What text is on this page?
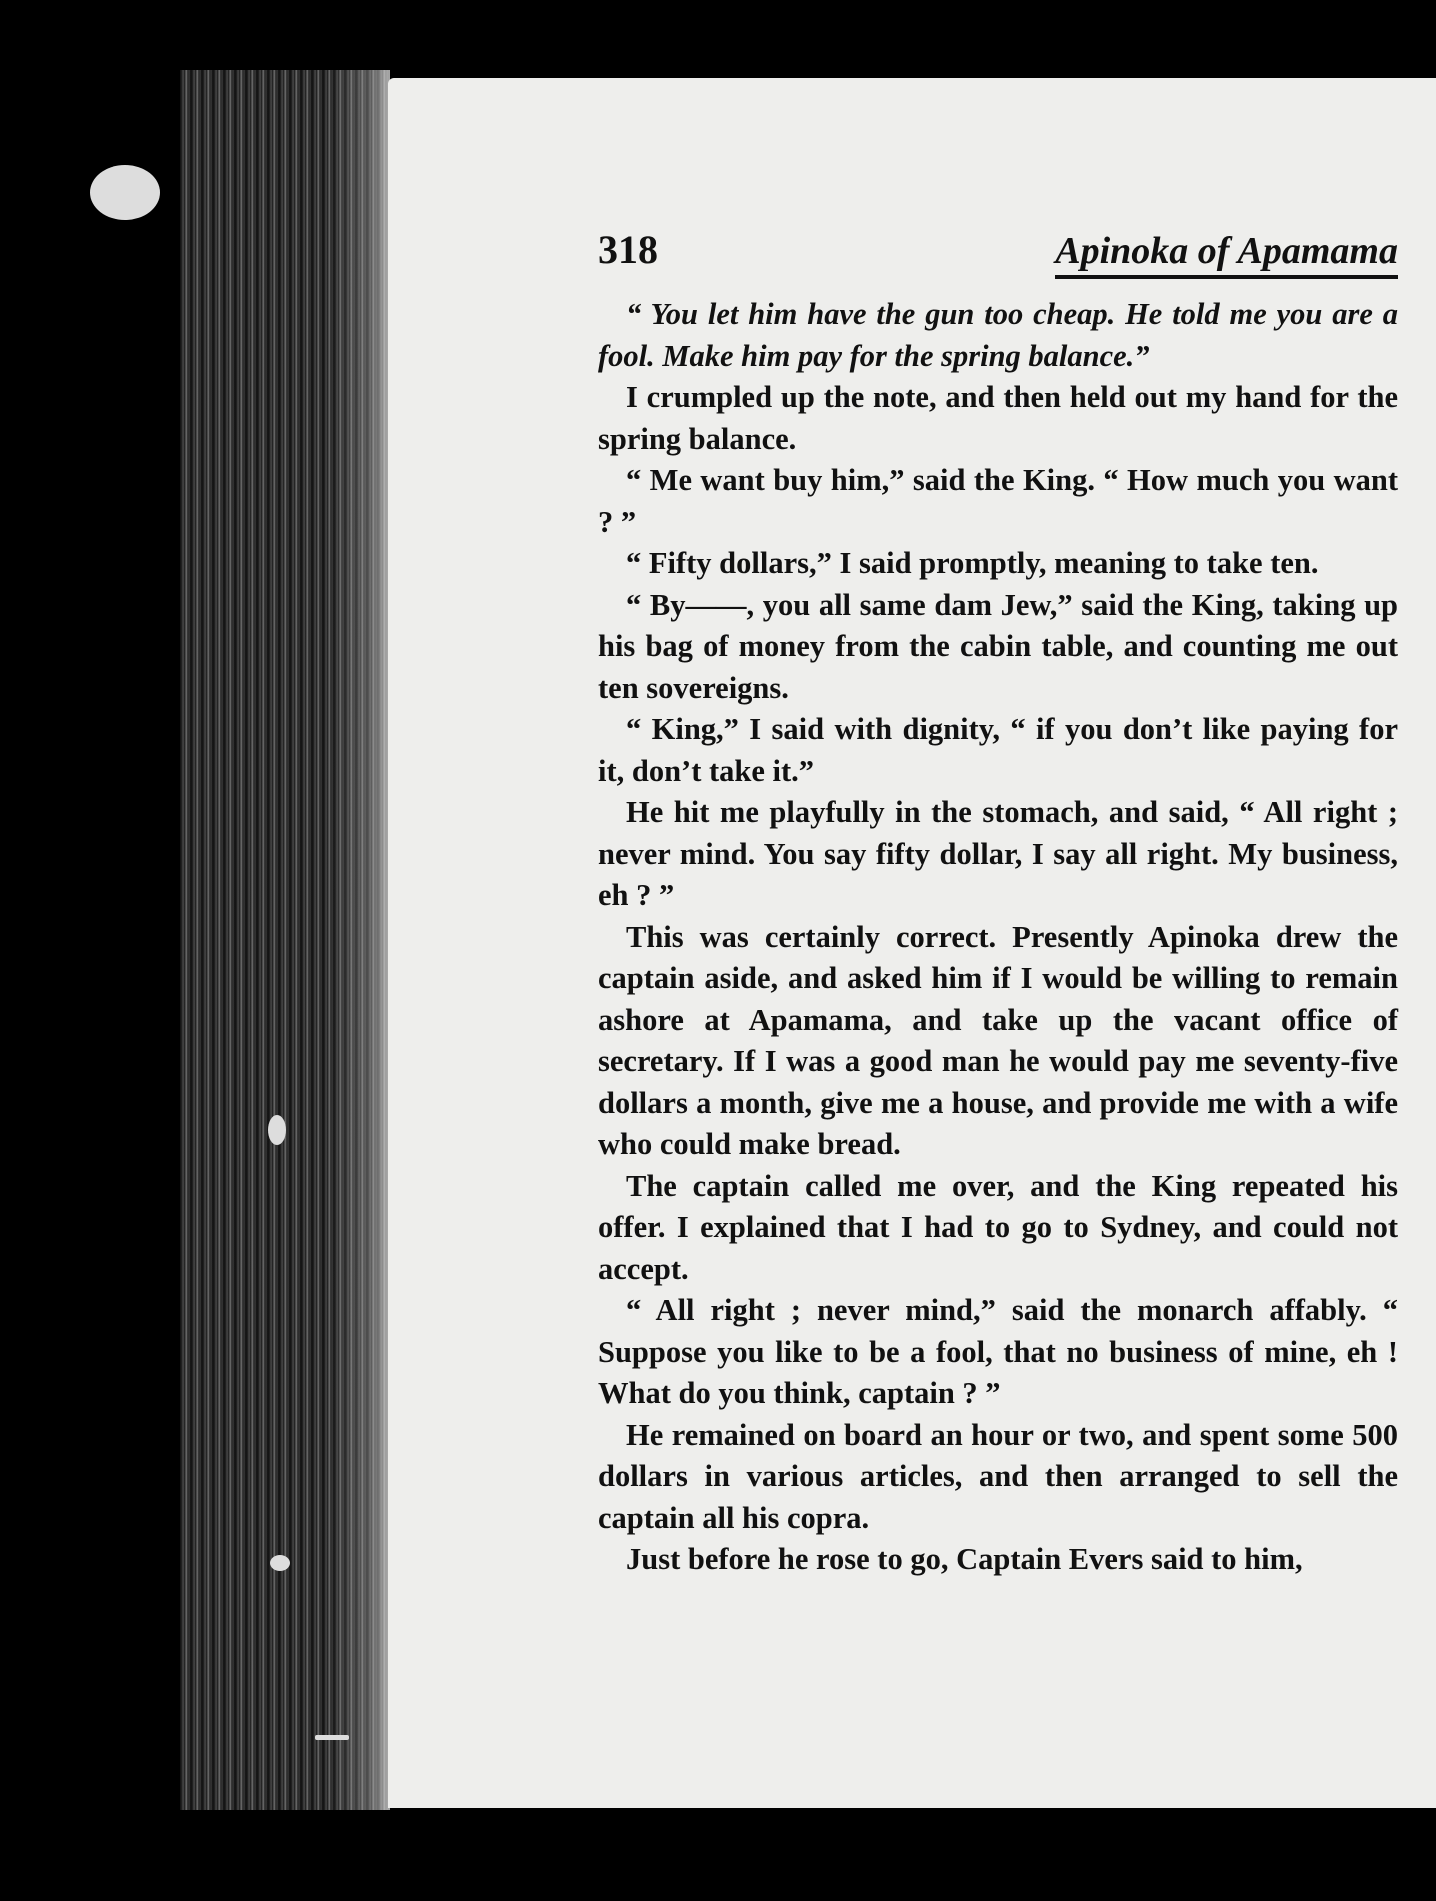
318	Apinoka of Apamama

“ You let him have the gun too cheap. He told me you are a fool. Make him pay for the spring balance.”

I crumpled up the note, and then held out my hand for the spring balance.

“ Me want buy him,” said the King. “ How much you want ? ”

“ Fifty dollars,” I said promptly, meaning to take ten.

“ By——, you all same dam Jew,” said the King, taking up his bag of money from the cabin table, and counting me out ten sovereigns.

“ King,” I said with dignity, “ if you don’t like paying for it, don’t take it.”

He hit me playfully in the stomach, and said, “ All right ; never mind. You say fifty dollar, I say all right. My business, eh ? ”

This was certainly correct. Presently Apinoka drew the captain aside, and asked him if I would be willing to remain ashore at Apamama, and take up the vacant office of secretary. If I was a good man he would pay me seventy-five dollars a month, give me a house, and provide me with a wife who could make bread.

The captain called me over, and the King repeated his offer. I explained that I had to go to Sydney, and could not accept.

“ All right ; never mind,” said the monarch affably. “ Suppose you like to be a fool, that no business of mine, eh ! What do you think, captain ? ”

He remained on board an hour or two, and spent some 500 dollars in various articles, and then arranged to sell the captain all his copra.

Just before he rose to go, Captain Evers said to him,
